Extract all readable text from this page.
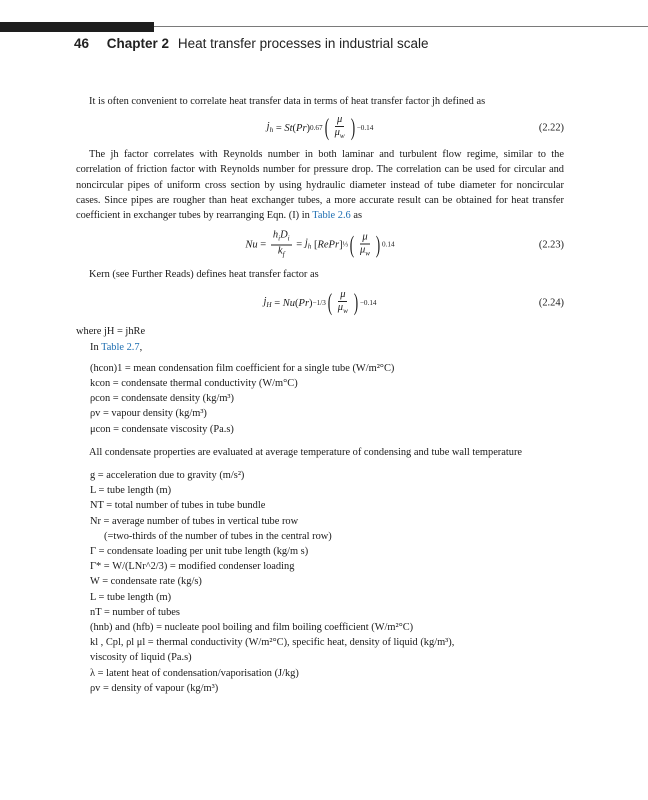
46 Chapter 2 Heat transfer processes in industrial scale

It is often convenient to correlate heat transfer data in terms of heat transfer factor jh defined as

$j_h = St$ ( Pr ) 0.67 ( $\frac{\mu}{\mu_w}$ ) −0.14	(2.22)

The jh factor correlates with Reynolds number in both laminar and turbulent flow regime, similar to the correlation of friction factor with Reynolds number for pressure drop. The correlation can be used for circular and noncircular pipes of uniform cross section by using hydraulic diameter instead of tube diameter for noncircular cases. Since pipes are rougher than heat exchanger tubes, a more accurate result can be obtained for heat transfer coefficient in exchanger tubes by rearranging Eqn. (I) in Table 2.6 as

$Nu = \frac{h_iD_i}{k_f} = j_h$ [ RePr ] ⅓ ( $\frac{\mu}{\mu_w}$ ) 0.14	(2.23)

Kern (see Further Reads) defines heat transfer factor as

$j_H = Nu$ ( Pr ) −1/3 ( $\frac{\mu}{\mu_w}$ ) −0.14	(2.24)
where jH = jhRe
In Table 2.7,
(hcon)1 = mean condensation film coefficient for a single tube (W/m²°C)
kcon = condensate thermal conductivity (W/m°C)
ρcon = condensate density (kg/m³)
ρv = vapour density (kg/m³)
μcon = condensate viscosity (Pa.s)

All condensate properties are evaluated at average temperature of condensing and tube wall temperature

g = acceleration due to gravity (m/s²)
L = tube length (m)
NT = total number of tubes in tube bundle
Nr = average number of tubes in vertical tube row
(=two-thirds of the number of tubes in the central row)
Γ = condensate loading per unit tube length (kg/m s)
Γ* = W/(LNr^2/3) = modified condenser loading
W = condensate rate (kg/s)
L = tube length (m)
nT = number of tubes
(hnb) and (hfb) = nucleate pool boiling and film boiling coefficient (W/m²°C)
kl , Cpl, ρl μl = thermal conductivity (W/m²°C), specific heat, density of liquid (kg/m³),
viscosity of liquid (Pa.s)
λ = latent heat of condensation/vaporisation (J/kg)
ρv = density of vapour (kg/m³)
